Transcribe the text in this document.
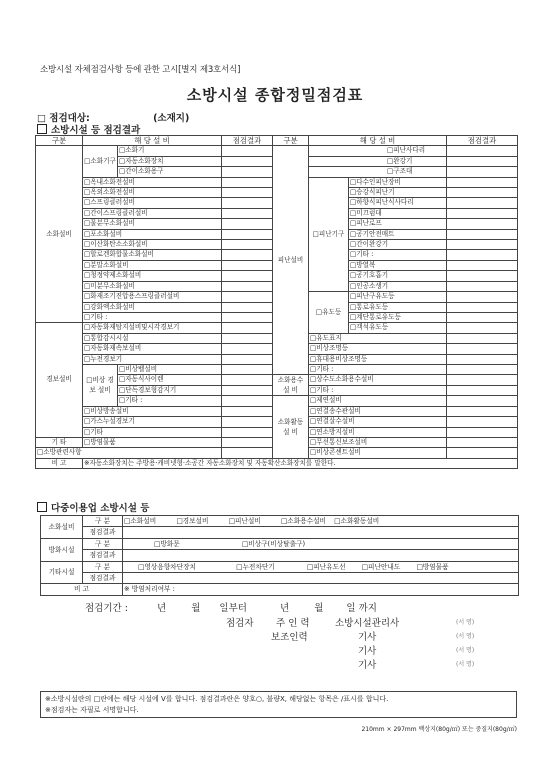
소방시설 자체점검사항 등에 관한 고시[별지 제3호서식]
소방시설 종합정밀점검표
□ 점검대상:	(소재지)
소방시설 등 점검결과
구분	해 당 설 비		점검결과	구분	해 당 설 비		점검결과
소화설비	□소화기구	□소화기		피난설비	□피난사다리		
		□자동소화장치			□완강기		
		□간이소화용구			□구조대		
	□옥내소화전설비				□피난기구	□다수인피난장비	
	□옥외소화전설비					□승강식피난기	
	□스프링클러설비					□하향식피난식사다리	
	□간이스프링클러설비					□미끄럼대	
	□물분무소화설비					□피난로프	
	□포소화설비					□공기안전매트	
	□이산화탄소소화설비					□간이완강기	
	□할로겐화합물소화설비					□기타 :	
	□분말소화설비					□방열복	
	□청정약제소화설비					□공기호흡기	
	□미분무소화설비					□인공소생기	
	□화재조기진압용스프링클러설비				□유도등	□피난구유도등	
	□강화액소화설비					□통로유도등	
	□기타 :					□계단통로유도등	
경보설비	□자동화재탐지설비및시각경보기					□객석유도등	
	□통합감시시설				□유도표지		
	□자동화재속보설비				□비상조명등		
	□누전경보기				□휴대용비상조명등		
	□비상 경보 설비	□비상벨설비			□기타 :		
		□자동식사이렌		소화용수 설 비	□상수도소화용수설비		
		□단독경보형감지기			□기타 :		
		□기타 :		소화활동 설 비	□제연설비		
	□비상방송설비				□연결송수관설비		
	□가스누설경보기				□연결살수설비		
	□기타				□연소방지설비		
기 타	□방염물품				□무선통신보조설비		
□소방관련사항					□비상콘센트설비		
비 고	※자동소화장치는 주방용·캐비넷형·소공간 자동소화장치 및 자동확산소화장치를 말한다.						
다중이용업 소방시설 등
소화설비	구 분	□소화설비 □경보설비 □피난설비 □소화용수설비 □소화활동설비
	점검결과	
방화시설	구 분	□방화문 □비상구(비상탈출구)
	점검결과	
기타시설	구 분	□영상음향차단장치 □누전차단기 □피난유도선 □피난안내도 □방염물품
	점검결과	
비 고		※ 방염처리여부 :
점검기간 :	년	월 일부터	년	월 일 까지
점검자 주 인 력	소방시설관리사	(서 명)
보조인력	기사	(서 명)
기사	(서 명)
기사	(서 명)
※소방시설란의 □란에는 해당 시설에 V를 합니다. 점검결과란은 양호○, 불량X, 해당없는 항목은 /표시를 합니다.
※점검자는 자필로 서명합니다.
210mm × 297mm 백상지(80g/㎡) 또는 중질지(80g/㎡)
